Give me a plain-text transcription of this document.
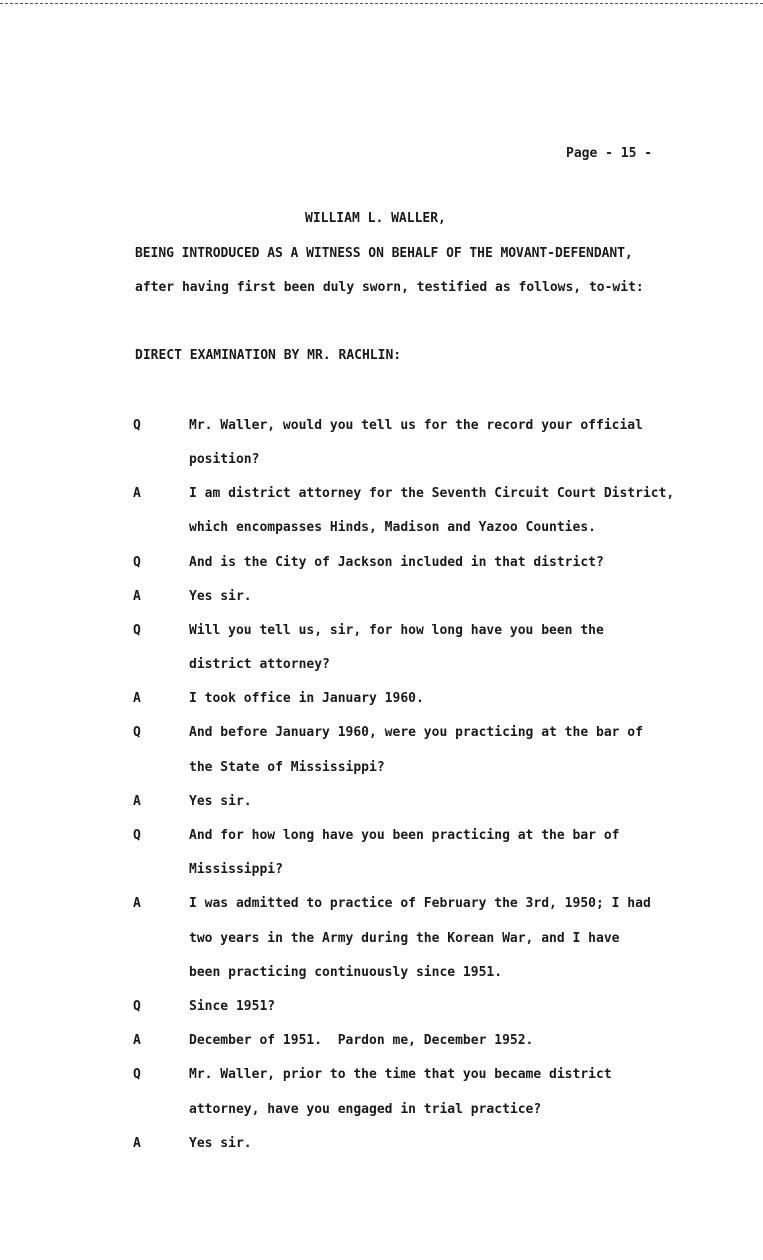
Page - 15 -
WILLIAM L. WALLER,
BEING INTRODUCED AS A WITNESS ON BEHALF OF THE MOVANT-DEFENDANT,
after having first been duly sworn, testified as follows, to-wit:
DIRECT EXAMINATION BY MR. RACHLIN:
Q	Mr. Waller, would you tell us for the record your official
position?
A	I am district attorney for the Seventh Circuit Court District,
which encompasses Hinds, Madison and Yazoo Counties.
Q	And is the City of Jackson included in that district?
A	Yes sir.
Q	Will you tell us, sir, for how long have you been the
district attorney?
A	I took office in January 1960.
Q	And before January 1960, were you practicing at the bar of
the State of Mississippi?
A	Yes sir.
Q	And for how long have you been practicing at the bar of
Mississippi?
A	I was admitted to practice of February the 3rd, 1950; I had
two years in the Army during the Korean War, and I have
been practicing continuously since 1951.
Q	Since 1951?
A	December of 1951.  Pardon me, December 1952.
Q	Mr. Waller, prior to the time that you became district
attorney, have you engaged in trial practice?
A	Yes sir.
